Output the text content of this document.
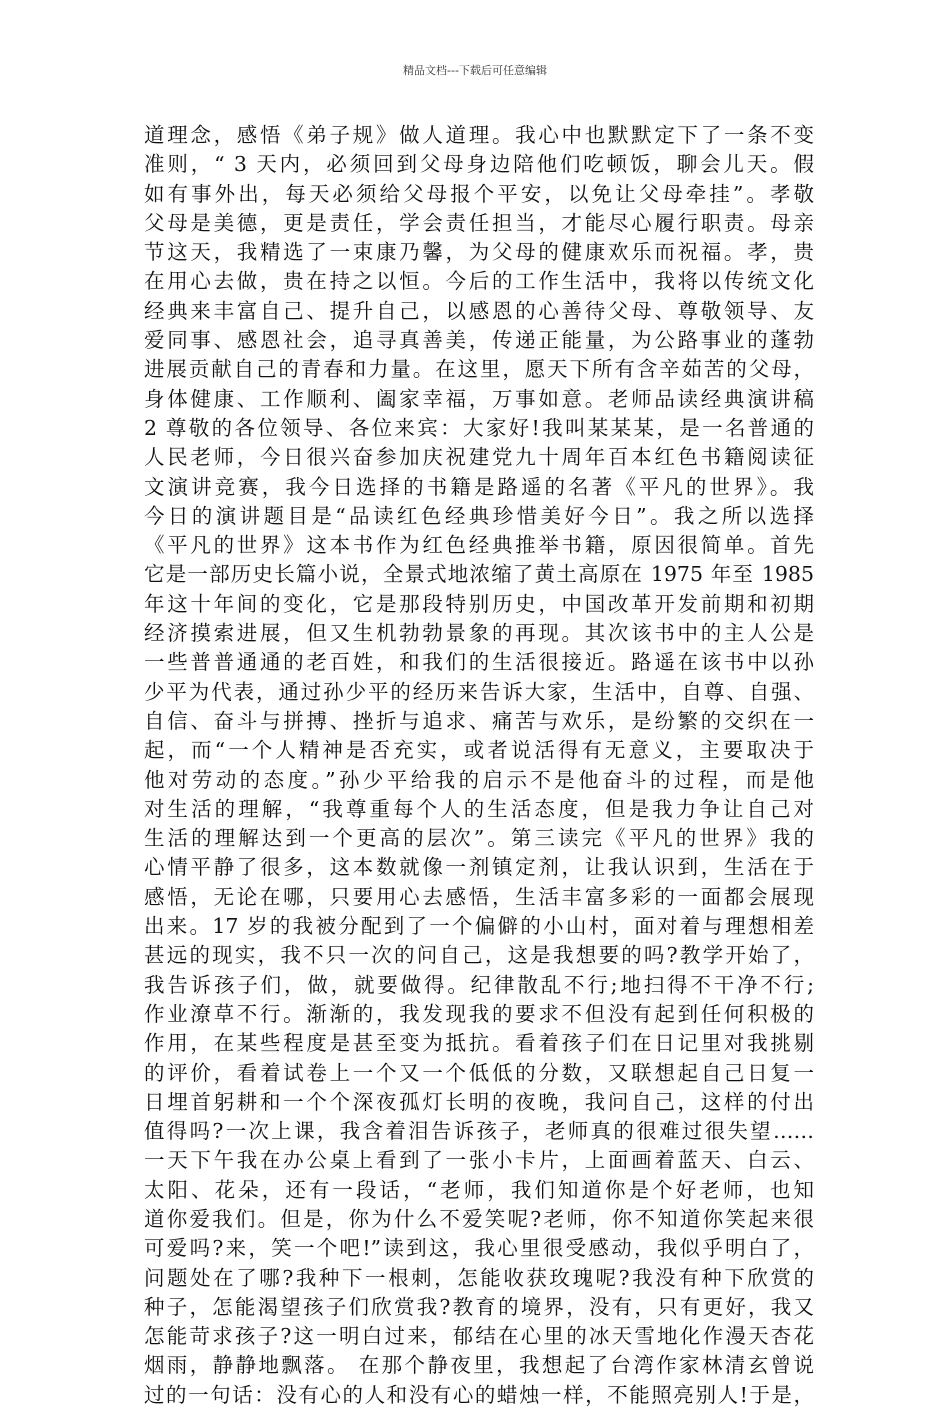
精品文档---下载后可任意编辑
道理念，感悟《弟子规》做人道理。我心中也默默定下了一条不变
准则，“ 3 天内，必须回到父母身边陪他们吃顿饭，聊会儿天。假
如有事外出，每天必须给父母报个平安，以免让父母牵挂”。孝敬
父母是美德，更是责任，学会责任担当，才能尽心履行职责。母亲
节这天，我精选了一束康乃馨，为父母的健康欢乐而祝福。孝，贵
在用心去做，贵在持之以恒。今后的工作生活中，我将以传统文化
经典来丰富自己、提升自己，以感恩的心善待父母、尊敬领导、友
爱同事、感恩社会，追寻真善美，传递正能量，为公路事业的蓬勃
进展贡献自己的青春和力量。在这里，愿天下所有含辛茹苦的父母，
身体健康、工作顺利、阖家幸福，万事如意。老师品读经典演讲稿
2 尊敬的各位领导、各位来宾：大家好!我叫某某某，是一名普通的
人民老师，今日很兴奋参加庆祝建党九十周年百本红色书籍阅读征
文演讲竞赛，我今日选择的书籍是路遥的名著《平凡的世界》。我
今日的演讲题目是“品读红色经典珍惜美好今日”。我之所以选择
《平凡的世界》这本书作为红色经典推举书籍，原因很简单。首先
它是一部历史长篇小说，全景式地浓缩了黄土高原在 1975 年至 1985
年这十年间的变化，它是那段特别历史，中国改革开发前期和初期
经济摸索进展，但又生机勃勃景象的再现。其次该书中的主人公是
一些普普通通的老百姓，和我们的生活很接近。路遥在该书中以孙
少平为代表，通过孙少平的经历来告诉大家，生活中，自尊、自强、
自信、奋斗与拼搏、挫折与追求、痛苦与欢乐，是纷繁的交织在一
起，而“一个人精神是否充实，或者说活得有无意义，主要取决于
他对劳动的态度。”孙少平给我的启示不是他奋斗的过程，而是他
对生活的理解，“我尊重每个人的生活态度，但是我力争让自己对
生活的理解达到一个更高的层次”。第三读完《平凡的世界》我的
心情平静了很多，这本数就像一剂镇定剂，让我认识到，生活在于
感悟，无论在哪，只要用心去感悟，生活丰富多彩的一面都会展现
出来。17 岁的我被分配到了一个偏僻的小山村，面对着与理想相差
甚远的现实，我不只一次的问自己，这是我想要的吗?教学开始了，
我告诉孩子们，做，就要做得。纪律散乱不行;地扫得不干净不行;
作业潦草不行。渐渐的，我发现我的要求不但没有起到任何积极的
作用，在某些程度是甚至变为抵抗。看着孩子们在日记里对我挑剔
的评价，看着试卷上一个又一个低低的分数，又联想起自己日复一
日埋首躬耕和一个个深夜孤灯长明的夜晚，我问自己，这样的付出
值得吗?一次上课，我含着泪告诉孩子，老师真的很难过很失望……
一天下午我在办公桌上看到了一张小卡片，上面画着蓝天、白云、
太阳、花朵，还有一段话，“老师，我们知道你是个好老师，也知
道你爱我们。但是，你为什么不爱笑呢?老师，你不知道你笑起来很
可爱吗?来，笑一个吧!”读到这，我心里很受感动，我似乎明白了，
问题处在了哪?我种下一根刺，怎能收获玫瑰呢?我没有种下欣赏的
种子，怎能渴望孩子们欣赏我?教育的境界，没有，只有更好，我又
怎能苛求孩子?这一明白过来，郁结在心里的冰天雪地化作漫天杏花
烟雨，静静地飘落。 在那个静夜里，我想起了台湾作家林清玄曾说
过的一句话：没有心的人和没有心的蜡烛一样，不能照亮别人!于是，
